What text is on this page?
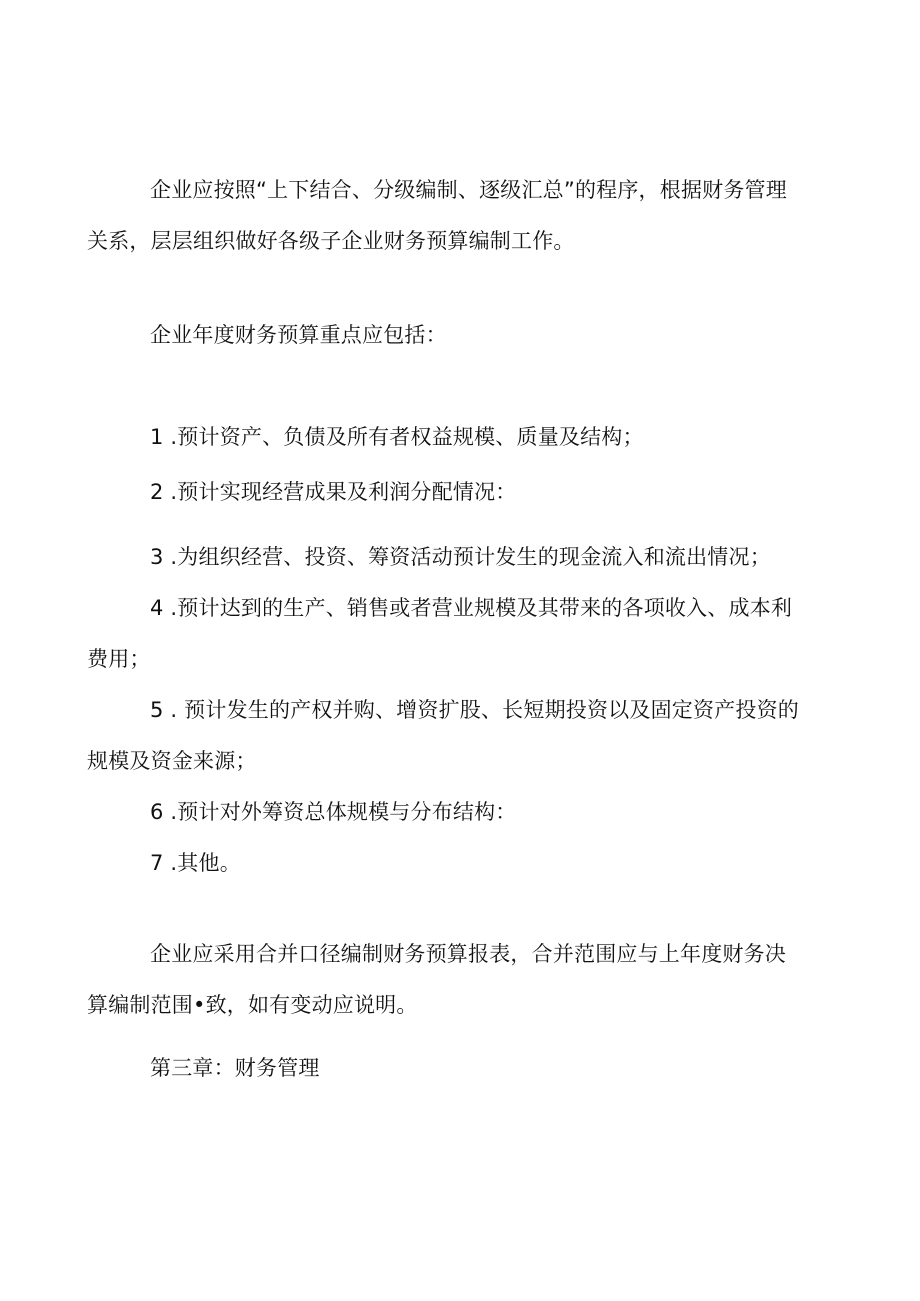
企业应按照“上下结合、分级编制、逐级汇总”的程序，根据财务管理
关系，层层组织做好各级子企业财务预算编制工作。
企业年度财务预算重点应包括：
1 .预计资产、负债及所有者权益规模、质量及结构；
2 .预计实现经营成果及利润分配情况：
3 .为组织经营、投资、筹资活动预计发生的现金流入和流出情况；
4 .预计达到的生产、销售或者营业规模及其带来的各项收入、成本利
费用；
5 . 预计发生的产权并购、增资扩股、长短期投资以及固定资产投资的
规模及资金来源；
6 .预计对外筹资总体规模与分布结构：
7 .其他。
企业应采用合并口径编制财务预算报表，合并范围应与上年度财务决
算编制范围•致，如有变动应说明。
第三章：财务管理
